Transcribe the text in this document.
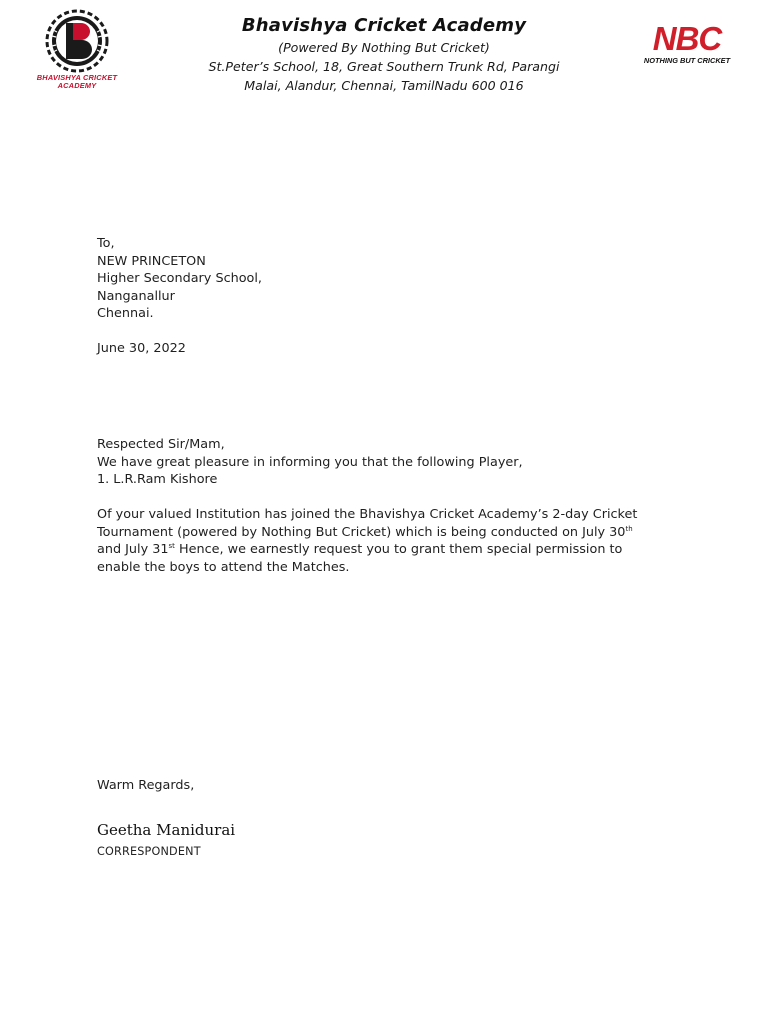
BHAVISHYA CRICKET
ACADEMY
Bhavishya Cricket Academy
(Powered By Nothing But Cricket)
St.Peter’s School, 18, Great Southern Trunk Rd, Parangi
Malai, Alandur, Chennai, TamilNadu 600 016
NBC
NOTHING BUT CRICKET
To,
NEW PRINCETON
Higher Secondary School,
Nanganallur
Chennai.
June 30, 2022
Respected Sir/Mam,
We have great pleasure in informing you that the following Player,
1. L.R.Ram Kishore
Of your valued Institution has joined the Bhavishya Cricket Academy’s 2-day Cricket
Tournament (powered by Nothing But Cricket) which is being conducted on July 30th
and July 31st Hence, we earnestly request you to grant them special permission to
enable the boys to attend the Matches.
Warm Regards,
Geetha Manidurai
CORRESPONDENT
